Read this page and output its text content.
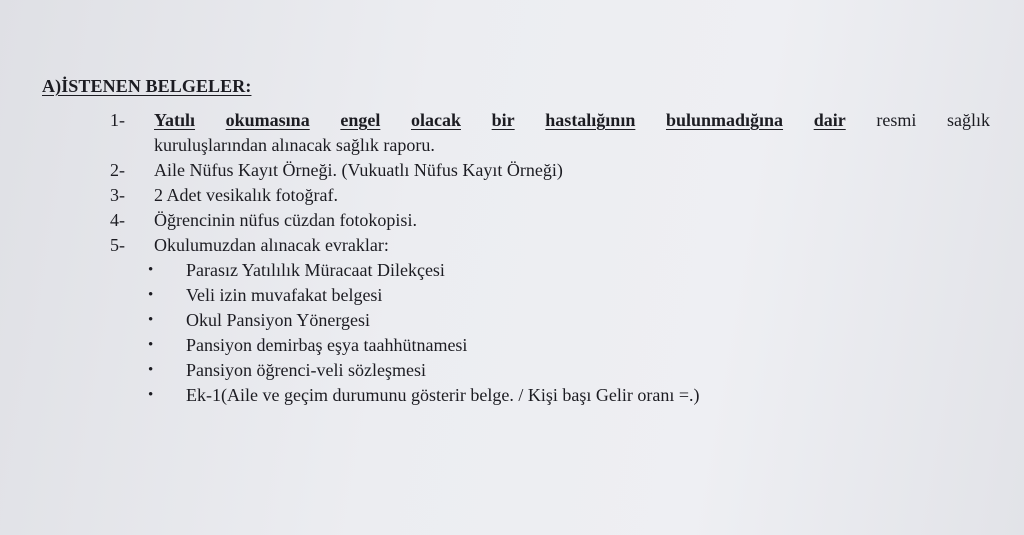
A)İSTENEN BELGELER:
1-	Yatılı okumasına engel olacak bir hastalığının bulunmadığına dair resmi sağlık
kuruluşlarından alınacak sağlık raporu.
2-	Aile Nüfus Kayıt Örneği. (Vukuatlı Nüfus Kayıt Örneği)
3-	2 Adet vesikalık fotoğraf.
4-	Öğrencinin nüfus cüzdan fotokopisi.
5-	Okulumuzdan alınacak evraklar:
•	Parasız Yatılılık Müracaat Dilekçesi
•	Veli izin muvafakat belgesi
•	Okul Pansiyon Yönergesi
•	Pansiyon demirbaş eşya taahhütnamesi
•	Pansiyon öğrenci-veli sözleşmesi
•	Ek-1(Aile ve geçim durumunu gösterir belge. / Kişi başı Gelir oranı =.)
